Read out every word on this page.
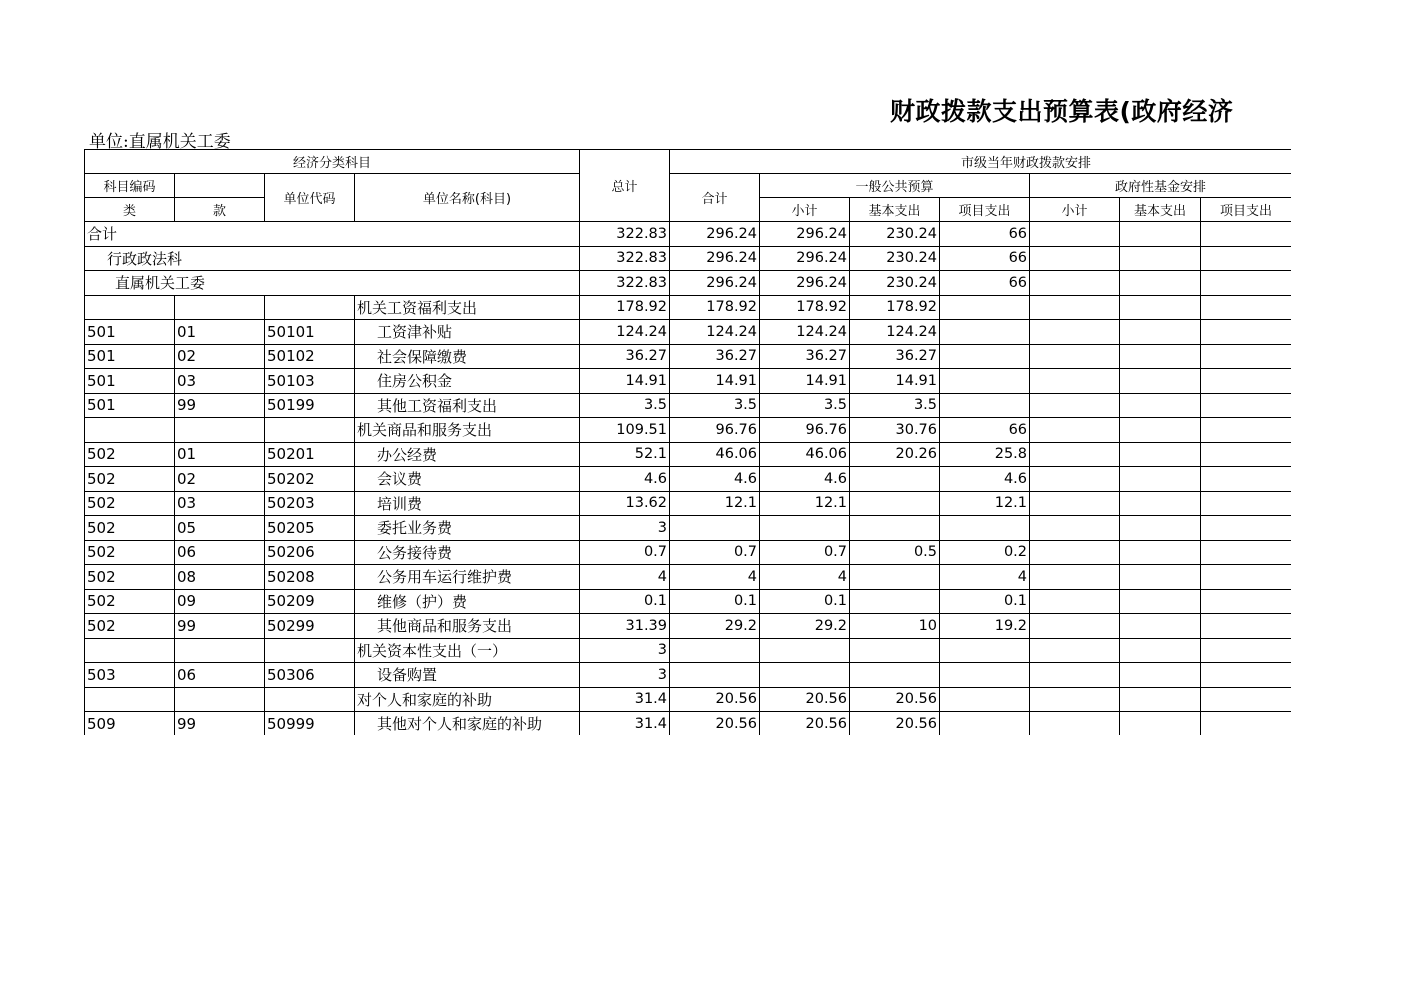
财政拨款支出预算表(政府经济
单位:直属机关工委
经济分类科目				总计	市级当年财政拨款安排						
科目编码		单位代码	单位名称(科目)		合计	一般公共预算			政府性基金安排		
类	款					小计	基本支出	项目支出	小计	基本支出	项目支出
合计				322.83	296.24	296.24	230.24	66			
行政政法科				322.83	296.24	296.24	230.24	66			
直属机关工委				322.83	296.24	296.24	230.24	66			
			机关工资福利支出	178.92	178.92	178.92	178.92				
501	01	50101	工资津补贴	124.24	124.24	124.24	124.24				
501	02	50102	社会保障缴费	36.27	36.27	36.27	36.27				
501	03	50103	住房公积金	14.91	14.91	14.91	14.91				
501	99	50199	其他工资福利支出	3.5	3.5	3.5	3.5				
			机关商品和服务支出	109.51	96.76	96.76	30.76	66			
502	01	50201	办公经费	52.1	46.06	46.06	20.26	25.8			
502	02	50202	会议费	4.6	4.6	4.6		4.6			
502	03	50203	培训费	13.62	12.1	12.1		12.1			
502	05	50205	委托业务费	3							
502	06	50206	公务接待费	0.7	0.7	0.7	0.5	0.2			
502	08	50208	公务用车运行维护费	4	4	4		4			
502	09	50209	维修（护）费	0.1	0.1	0.1		0.1			
502	99	50299	其他商品和服务支出	31.39	29.2	29.2	10	19.2			
			机关资本性支出（一）	3							
503	06	50306	设备购置	3							
			对个人和家庭的补助	31.4	20.56	20.56	20.56				
509	99	50999	其他对个人和家庭的补助	31.4	20.56	20.56	20.56				
